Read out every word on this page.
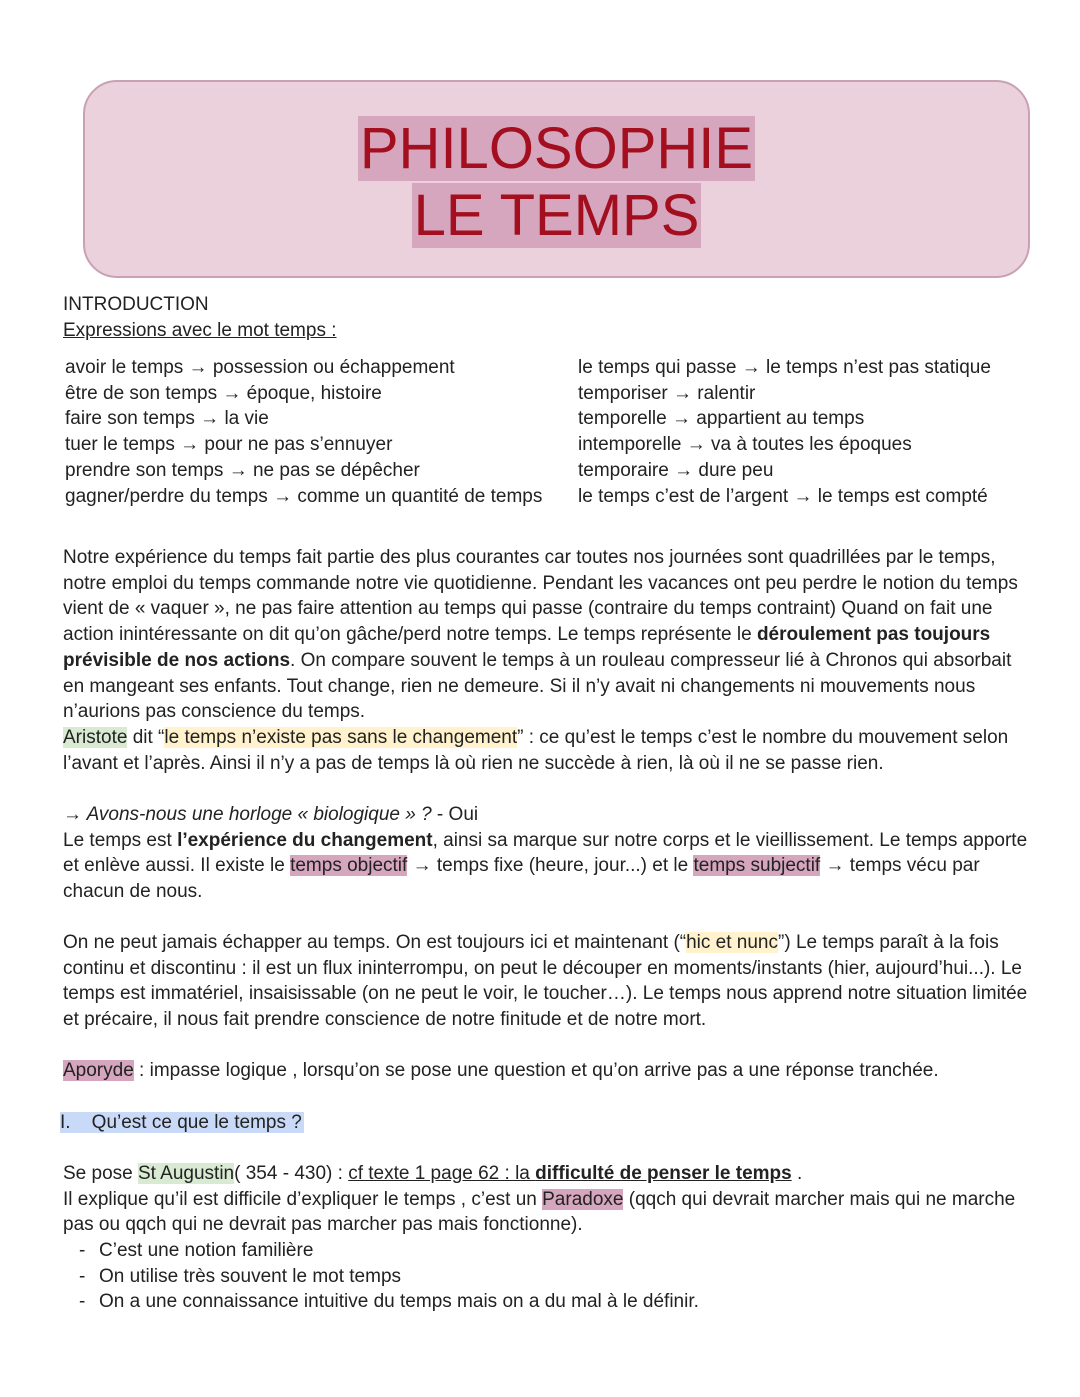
PHILOSOPHIE
LE TEMPS
INTRODUCTION
Expressions avec le mot temps :
avoir le temps → possession ou échappement
être de son temps → époque, histoire
faire son temps → la vie
tuer le temps → pour ne pas s’ennuyer
prendre son temps → ne pas se dépêcher
gagner/perdre du temps → comme un quantité de temps
le temps qui passe → le temps n’est pas statique
temporiser → ralentir
temporelle → appartient au temps
intemporelle → va à toutes les époques
temporaire → dure peu
le temps c’est de l’argent → le temps est compté
Notre expérience du temps fait partie des plus courantes car toutes nos journées sont quadrillées par le temps, notre emploi du temps commande notre vie quotidienne. Pendant les vacances ont peu perdre le notion du temps vient de « vaquer », ne pas faire attention au temps qui passe (contraire du temps contraint) Quand on fait une action inintéressante on dit qu’on gâche/perd notre temps. Le temps représente le déroulement pas toujours prévisible de nos actions. On compare souvent le temps à un rouleau compresseur lié à Chronos qui absorbait en mangeant ses enfants. Tout change, rien ne demeure. Si il n’y avait ni changements ni mouvements nous n’aurions pas conscience du temps.
Aristote dit “le temps n’existe pas sans le changement” : ce qu’est le temps c’est le nombre du mouvement selon l’avant et l’après. Ainsi il n’y a pas de temps là où rien ne succède à rien, là où il ne se passe rien.
→ Avons-nous une horloge « biologique » ? - Oui
Le temps est l’expérience du changement, ainsi sa marque sur notre corps et le vieillissement. Le temps apporte et enlève aussi. Il existe le temps objectif → temps fixe (heure, jour...) et le temps subjectif → temps vécu par chacun de nous.
On ne peut jamais échapper au temps. On est toujours ici et maintenant (“hic et nunc”) Le temps paraît à la fois continu et discontinu : il est un flux ininterrompu, on peut le découper en moments/instants (hier, aujourd’hui...). Le temps est immatériel, insaisissable (on ne peut le voir, le toucher…). Le temps nous apprend notre situation limitée et précaire, il nous fait prendre conscience de notre finitude et de notre mort.
Aporyde : impasse logique , lorsqu’on se pose une question et qu’on arrive pas a une réponse tranchée.
I.    Qu’est ce que le temps ?
Se pose St Augustin( 354 - 430) : cf texte 1 page 62 : la difficulté de penser le temps .
Il explique qu’il est difficile d’expliquer le temps , c’est un Paradoxe (qqch qui devrait marcher mais qui ne marche pas ou qqch qui ne devrait pas marcher pas mais fonctionne).
- C’est une notion familière
- On utilise très souvent le mot temps
- On a une connaissance intuitive du temps mais on a du mal à le définir.
